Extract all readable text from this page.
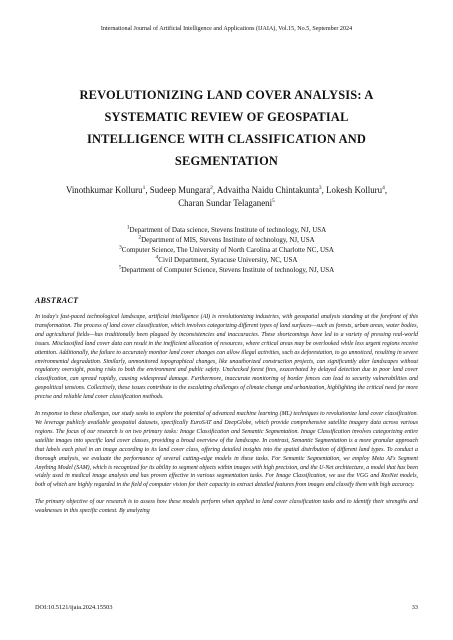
International Journal of Artificial Intelligence and Applications (IJAIA), Vol.15, No.5, September 2024
REVOLUTIONIZING LAND COVER ANALYSIS: A
SYSTEMATIC REVIEW OF GEOSPATIAL
INTELLIGENCE WITH CLASSIFICATION AND
SEGMENTATION
Vinothkumar Kolluru$^1$, Sudeep Mungara$^2$, Advaitha Naidu Chintakunta$^3$, Lokesh Kolluru$^4$, Charan Sundar Telaganeni$^5$
$^1$Department of Data science, Stevens Institute of technology, NJ, USA
$^2$Department of MIS, Stevens Institute of technology, NJ, USA
$^3$Computer Science, The University of North Carolina at Charlotte NC, USA
$^4$Civil Department, Syracuse University, NC, USA
$^5$Department of Computer Science, Stevens Institute of technology, NJ, USA
ABSTRACT

In today's fast-paced technological landscape, artificial intelligence (AI) is revolutionizing industries, with geospatial analysis standing at the forefront of this transformation. The process of land cover classification, which involves categorizing different types of land surfaces—such as forests, urban areas, water bodies, and agricultural fields—has traditionally been plagued by inconsistencies and inaccuracies. These shortcomings have led to a variety of pressing real-world issues. Misclassified land cover data can result in the inefficient allocation of resources, where critical areas may be overlooked while less urgent regions receive attention. Additionally, the failure to accurately monitor land cover changes can allow illegal activities, such as deforestation, to go unnoticed, resulting in severe environmental degradation. Similarly, unmonitored topographical changes, like unauthorized construction projects, can significantly alter landscapes without regulatory oversight, posing risks to both the environment and public safety. Unchecked forest fires, exacerbated by delayed detection due to poor land cover classification, can spread rapidly, causing widespread damage. Furthermore, inaccurate monitoring of border fences can lead to security vulnerabilities and geopolitical tensions. Collectively, these issues contribute to the escalating challenges of climate change and urbanization, highlighting the critical need for more precise and reliable land cover classification methods.

In response to these challenges, our study seeks to explore the potential of advanced machine learning (ML) techniques to revolutionize land cover classification. We leverage publicly available geospatial datasets, specifically EuroSAT and DeepGlobe, which provide comprehensive satellite imagery data across various regions. The focus of our research is on two primary tasks: Image Classification and Semantic Segmentation. Image Classification involves categorizing entire satellite images into specific land cover classes, providing a broad overview of the landscape. In contrast, Semantic Segmentation is a more granular approach that labels each pixel in an image according to its land cover class, offering detailed insights into the spatial distribution of different land types. To conduct a thorough analysis, we evaluate the performance of several cutting-edge models in these tasks. For Semantic Segmentation, we employ Meta AI's Segment Anything Model (SAM), which is recognized for its ability to segment objects within images with high precision, and the U-Net architecture, a model that has been widely used in medical image analysis and has proven effective in various segmentation tasks. For Image Classification, we use the VGG and ResNet models, both of which are highly regarded in the field of computer vision for their capacity to extract detailed features from images and classify them with high accuracy.

The primary objective of our research is to assess how these models perform when applied to land cover classification tasks and to identify their strengths and weaknesses in this specific context. By analyzing

DOI:10.5121/ijaia.2024.15503	33
